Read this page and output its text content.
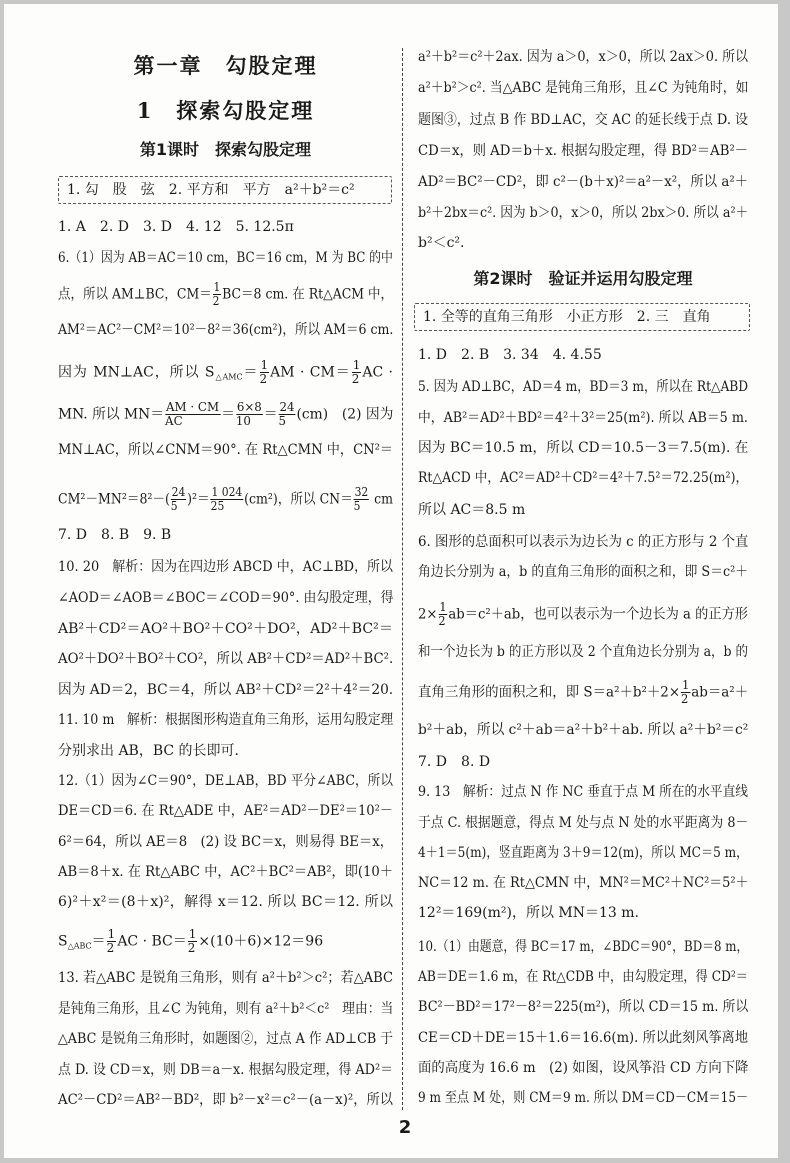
第一章　勾股定理
1　探索勾股定理
第1课时　探索勾股定理
1. 勾　股　弦　2. 平方和　平方　a²＋b²＝c²
第2课时　验证并运用勾股定理
1. 全等的直角三角形　小正方形　2. 三　直角
1. A　2. D　3. D　4. 12　5. 12.5π
6.（1）因为 AB＝AC＝10 cm，BC＝16 cm，M 为 BC 的中
点，所以 AM⊥BC，$CM= \frac{1}{2} BC=8$ cm. 在 Rt△ACM 中，
AM²＝AC²－CM²＝10²－8²＝36(cm²)，所以 AM＝6 cm.
因为 MN⊥AC，所以 $S_{\triangle AMC}= \frac{1}{2}$ AM · $CM= \frac{1}{2}$ AC ·
MN. 所以 $MN= \frac{AM \cdot CM}{AC} = \frac{6\times 8}{10} = \frac{24}{5} (cm)$　(2) 因为
MN⊥AC，所以∠CNM＝90°. 在 Rt△CMN 中，CN²＝
$CM^2-MN^2=8^2-( \frac{24}{5} )^2= \frac{1 024}{25} (cm^2)$，所以 $CN= \frac{32}{5}$ cm
7. D　8. B　9. B
10. 20　解析：因为在四边形 ABCD 中，AC⊥BD，所以
∠AOD＝∠AOB＝∠BOC＝∠COD＝90°. 由勾股定理，得
AB²＋CD²＝AO²＋BO²＋CO²＋DO²，AD²＋BC²＝
AO²＋DO²＋BO²＋CO²，所以 AB²＋CD²＝AD²＋BC².
因为 AD＝2，BC＝4，所以 AB²＋CD²＝2²＋4²＝20.
11. 10 m　解析：根据图形构造直角三角形，运用勾股定理
分别求出 AB，BC 的长即可.
12.（1）因为∠C＝90°，DE⊥AB，BD 平分∠ABC，所以
DE＝CD＝6. 在 Rt△ADE 中，AE²＝AD²－DE²＝10²－
6²＝64，所以 AE＝8　(2) 设 BC＝x，则易得 BE＝x，
AB＝8＋x. 在 Rt△ABC 中，AC²＋BC²＝AB²，即(10＋
6)²＋x²＝(8＋x)²，解得 x＝12. 所以 BC＝12. 所以
$S_{\triangle ABC}= \frac{1}{2}$ AC · $BC= \frac{1}{2} \times(10+6)\times 12=96$
13. 若△ABC 是锐角三角形，则有 a²＋b²＞c²；若△ABC
是钝角三角形，且∠C 为钝角，则有 a²＋b²＜c²　理由：当
△ABC 是锐角三角形时，如题图②，过点 A 作 AD⊥CB 于
点 D. 设 CD＝x，则 DB＝a－x. 根据勾股定理，得 AD²＝
AC²－CD²＝AB²－BD²，即 b²－x²＝c²－(a－x)²，所以
a²＋b²＝c²＋2ax. 因为 a＞0，x＞0，所以 2ax＞0. 所以
a²＋b²＞c². 当△ABC 是钝角三角形，且∠C 为钝角时，如
题图③，过点 B 作 BD⊥AC，交 AC 的延长线于点 D. 设
CD＝x，则 AD＝b＋x. 根据勾股定理，得 BD²＝AB²－
AD²＝BC²－CD²，即 c²－(b＋x)²＝a²－x²，所以 a²＋
b²＋2bx＝c². 因为 b＞0，x＞0，所以 2bx＞0. 所以 a²＋
b²＜c².
1. D　2. B　3. 34　4. 4.55
5. 因为 AD⊥BC，AD＝4 m，BD＝3 m，所以在 Rt△ABD
中，AB²＝AD²＋BD²＝4²＋3²＝25(m²). 所以 AB＝5 m.
因为 BC＝10.5 m，所以 CD＝10.5－3＝7.5(m). 在
Rt△ACD 中，AC²＝AD²＋CD²＝4²＋7.5²＝72.25(m²)，
所以 AC＝8.5 m
6. 图形的总面积可以表示为边长为 c 的正方形与 2 个直
角边长分别为 a，b 的直角三角形的面积之和，即 S＝c²＋
$2\times \frac{1}{2} ab=c^2+ab$，也可以表示为一个边长为 a 的正方形
和一个边长为 b 的正方形以及 2 个直角边长分别为 a，b 的
直角三角形的面积之和，即 $S=a^2+b^2+2\times \frac{1}{2} ab=a^2+$
b²＋ab，所以 c²＋ab＝a²＋b²＋ab. 所以 a²＋b²＝c²
7. D　8. D
9. 13　解析：过点 N 作 NC 垂直于点 M 所在的水平直线
于点 C. 根据题意，得点 M 处与点 N 处的水平距离为 8－
4＋1＝5(m)，竖直距离为 3＋9＝12(m)，所以 MC＝5 m，
NC＝12 m. 在 Rt△CMN 中，MN²＝MC²＋NC²＝5²＋
12²＝169(m²)，所以 MN＝13 m.
10.（1）由题意，得 BC＝17 m，∠BDC＝90°，BD＝8 m，
AB＝DE＝1.6 m，在 Rt△CDB 中，由勾股定理，得 CD²＝
BC²－BD²＝17²－8²＝225(m²)，所以 CD＝15 m. 所以
CE＝CD＋DE＝15＋1.6＝16.6(m). 所以此刻风筝离地
面的高度为 16.6 m　(2) 如图，设风筝沿 CD 方向下降
9 m 至点 M 处，则 CM＝9 m. 所以 DM＝CD－CM＝15－
2
